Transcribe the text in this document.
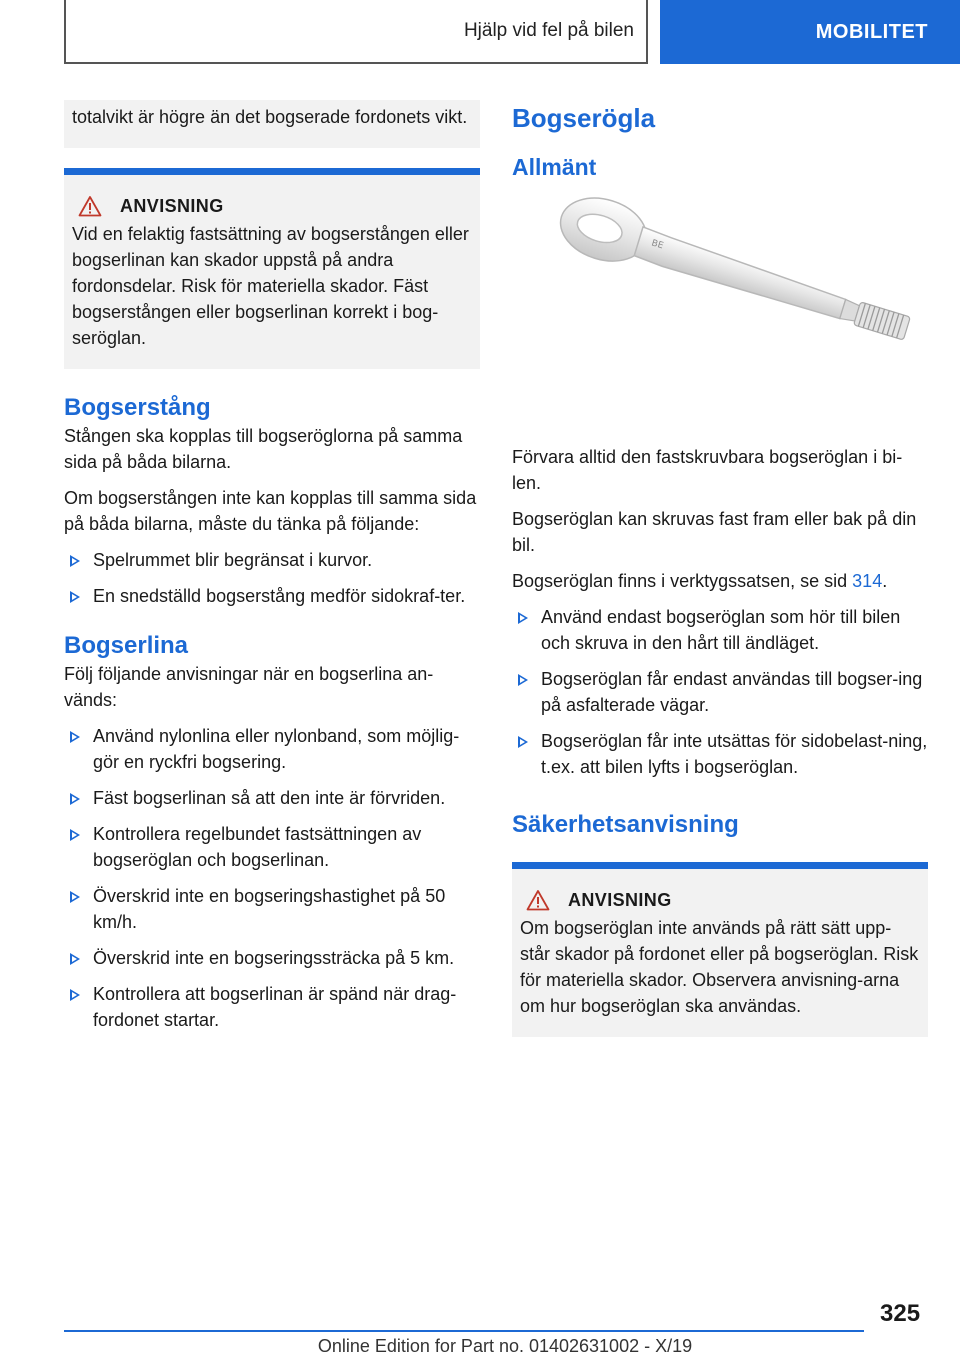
Hjälp vid fel på bilen	MOBILITET

totalvikt är högre än det bogserade fordonets vikt.

ANVISNING

Vid en felaktig fastsättning av bogserstången eller bogserlinan kan skador uppstå på andra fordonsdelar. Risk för materiella skador. Fäst bogserstången eller bogserlinan korrekt i bog-seröglan.

Bogserstång

Stången ska kopplas till bogseröglorna på samma sida på båda bilarna.

Om bogserstången inte kan kopplas till samma sida på båda bilarna, måste du tänka på följande:

Spelrummet blir begränsat i kurvor.
En snedställd bogserstång medför sidokraf-ter.
Bogserlina

Följ följande anvisningar när en bogserlina an-vänds:

Använd nylonlina eller nylonband, som möjlig-gör en ryckfri bogsering.
Fäst bogserlinan så att den inte är förvriden.
Kontrollera regelbundet fastsättningen av bogseröglan och bogserlinan.
Överskrid inte en bogseringshastighet på 50 km/h.
Överskrid inte en bogseringssträcka på 5 km.
Kontrollera att bogserlinan är spänd när drag-fordonet startar.
Bogserögla
Allmänt
BE

Förvara alltid den fastskruvbara bogseröglan i bi-len.

Bogseröglan kan skruvas fast fram eller bak på din bil.

Bogseröglan finns i verktygssatsen, se sid 314.

Använd endast bogseröglan som hör till bilen och skruva in den hårt till ändläget.
Bogseröglan får endast användas till bogser-ing på asfalterade vägar.
Bogseröglan får inte utsättas för sidobelast-ning, t.ex. att bilen lyfts i bogseröglan.
Säkerhetsanvisning
ANVISNING

Om bogseröglan inte används på rätt sätt upp-står skador på fordonet eller på bogseröglan. Risk för materiella skador. Observera anvisning-arna om hur bogseröglan ska användas.

325
Online Edition for Part no. 01402631002 - X/19
